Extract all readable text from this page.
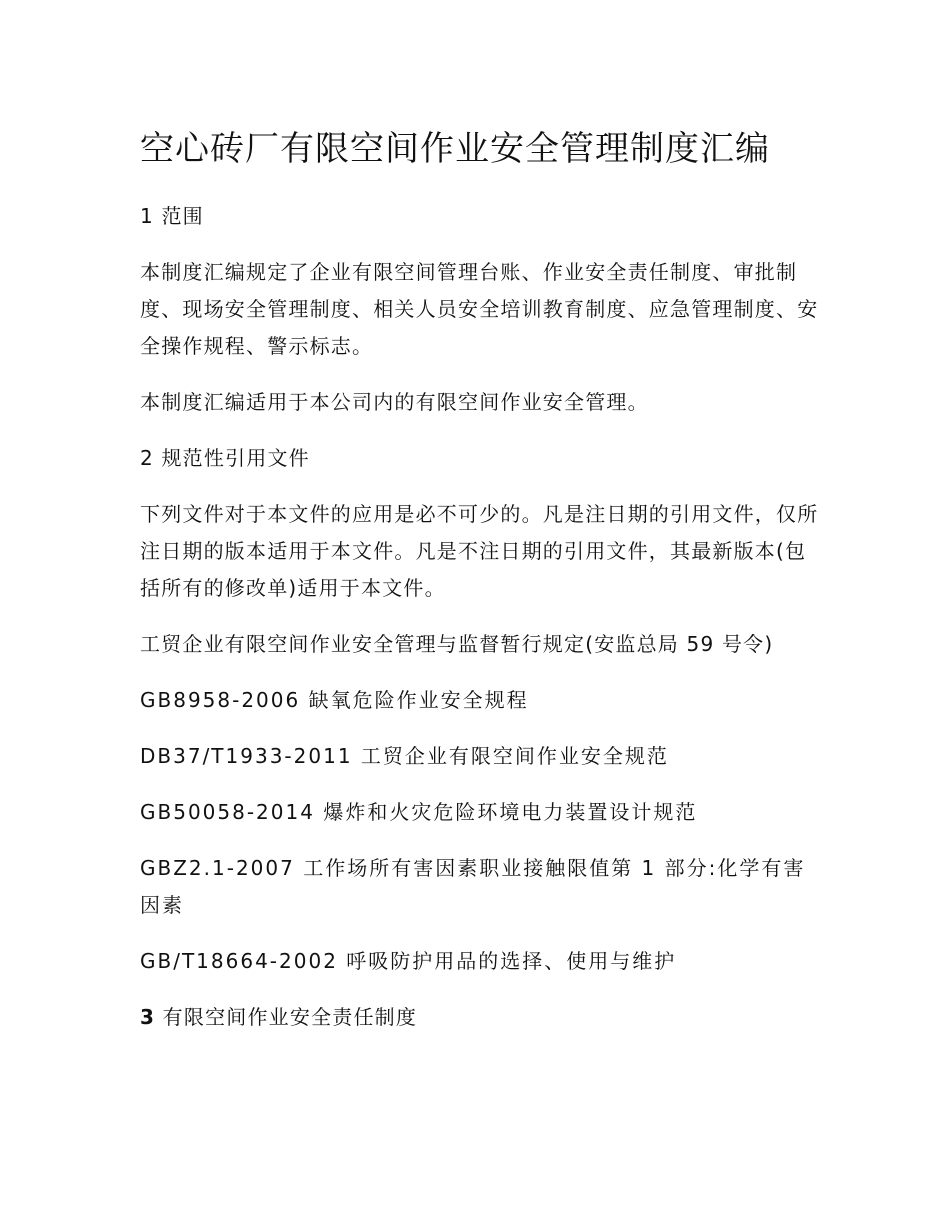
空心砖厂有限空间作业安全管理制度汇编

1 范围

本制度汇编规定了企业有限空间管理台账、作业安全责任制度、审批制度、现场安全管理制度、相关人员安全培训教育制度、应急管理制度、安全操作规程、警示标志。

本制度汇编适用于本公司内的有限空间作业安全管理。

2 规范性引用文件

下列文件对于本文件的应用是必不可少的。凡是注日期的引用文件，仅所注日期的版本适用于本文件。凡是不注日期的引用文件，其最新版本(包括所有的修改单)适用于本文件。

工贸企业有限空间作业安全管理与监督暂行规定(安监总局 59 号令)

GB8958-2006 缺氧危险作业安全规程

DB37/T1933-2011 工贸企业有限空间作业安全规范

GB50058-2014 爆炸和火灾危险环境电力装置设计规范

GBZ2.1-2007 工作场所有害因素职业接触限值第 1 部分:化学有害因素

GB/T18664-2002 呼吸防护用品的选择、使用与维护

3 有限空间作业安全责任制度
